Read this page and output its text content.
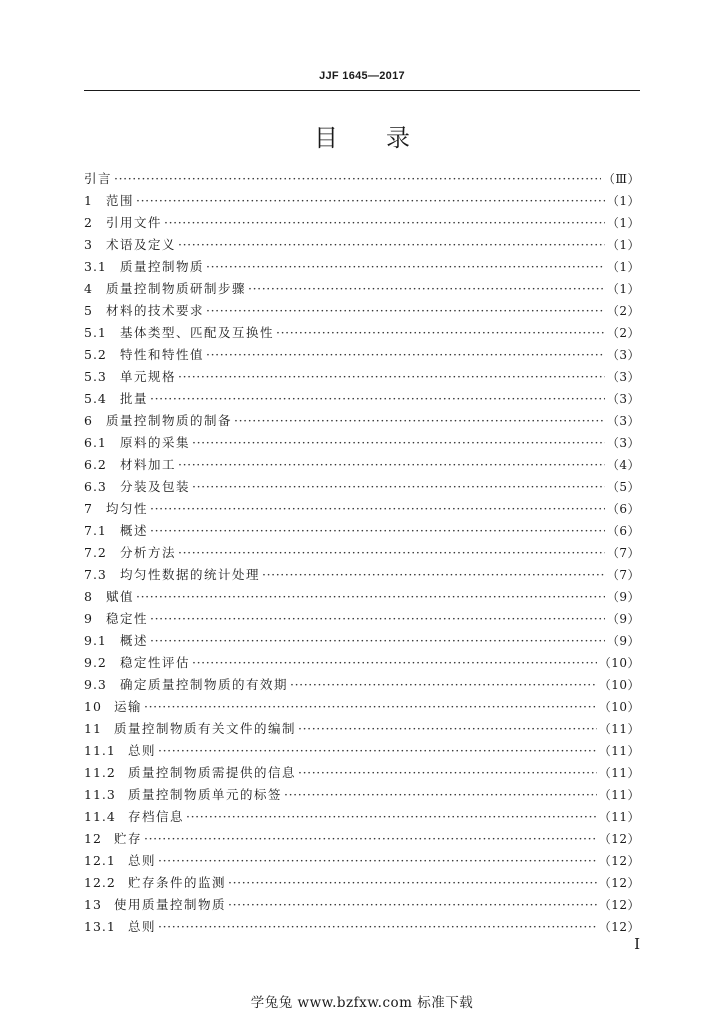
JJF 1645—2017
目录
引言 ·····	（Ⅲ）
1	范围 ·····	（1）
2	引用文件 ·····	（1）
3	术语及定义 ·····	（1）
3.1	质量控制物质 ·····	（1）
4	质量控制物质研制步骤 ·····	（1）
5	材料的技术要求 ·····	（2）
5.1	基体类型、匹配及互换性 ·····	（2）
5.2	特性和特性值 ·····	（3）
5.3	单元规格 ·····	（3）
5.4	批量 ·····	（3）
6	质量控制物质的制备 ·····	（3）
6.1	原料的采集 ·····	（3）
6.2	材料加工 ·····	（4）
6.3	分装及包装 ·····	（5）
7	均匀性 ·····	（6）
7.1	概述 ·····	（6）
7.2	分析方法 ·····	（7）
7.3	均匀性数据的统计处理 ·····	（7）
8	赋值 ·····	（9）
9	稳定性 ·····	（9）
9.1	概述 ·····	（9）
9.2	稳定性评估 ·····	（10）
9.3	确定质量控制物质的有效期 ·····	（10）
10 运输 ·····	（10）
11 质量控制物质有关文件的编制 ·····	（11）
11.1 总则 ·····	（11）
11.2 质量控制物质需提供的信息 ·····	（11）
11.3 质量控制物质单元的标签 ·····	（11）
11.4 存档信息 ·····	（11）
12 贮存 ·····	（12）
12.1 总则 ·····	（12）
12.2 贮存条件的监测 ·····	（12）
13 使用质量控制物质 ·····	（12）
13.1 总则 ·····	（12）
I
学兔兔 www.bzfxw.com 标准下载
